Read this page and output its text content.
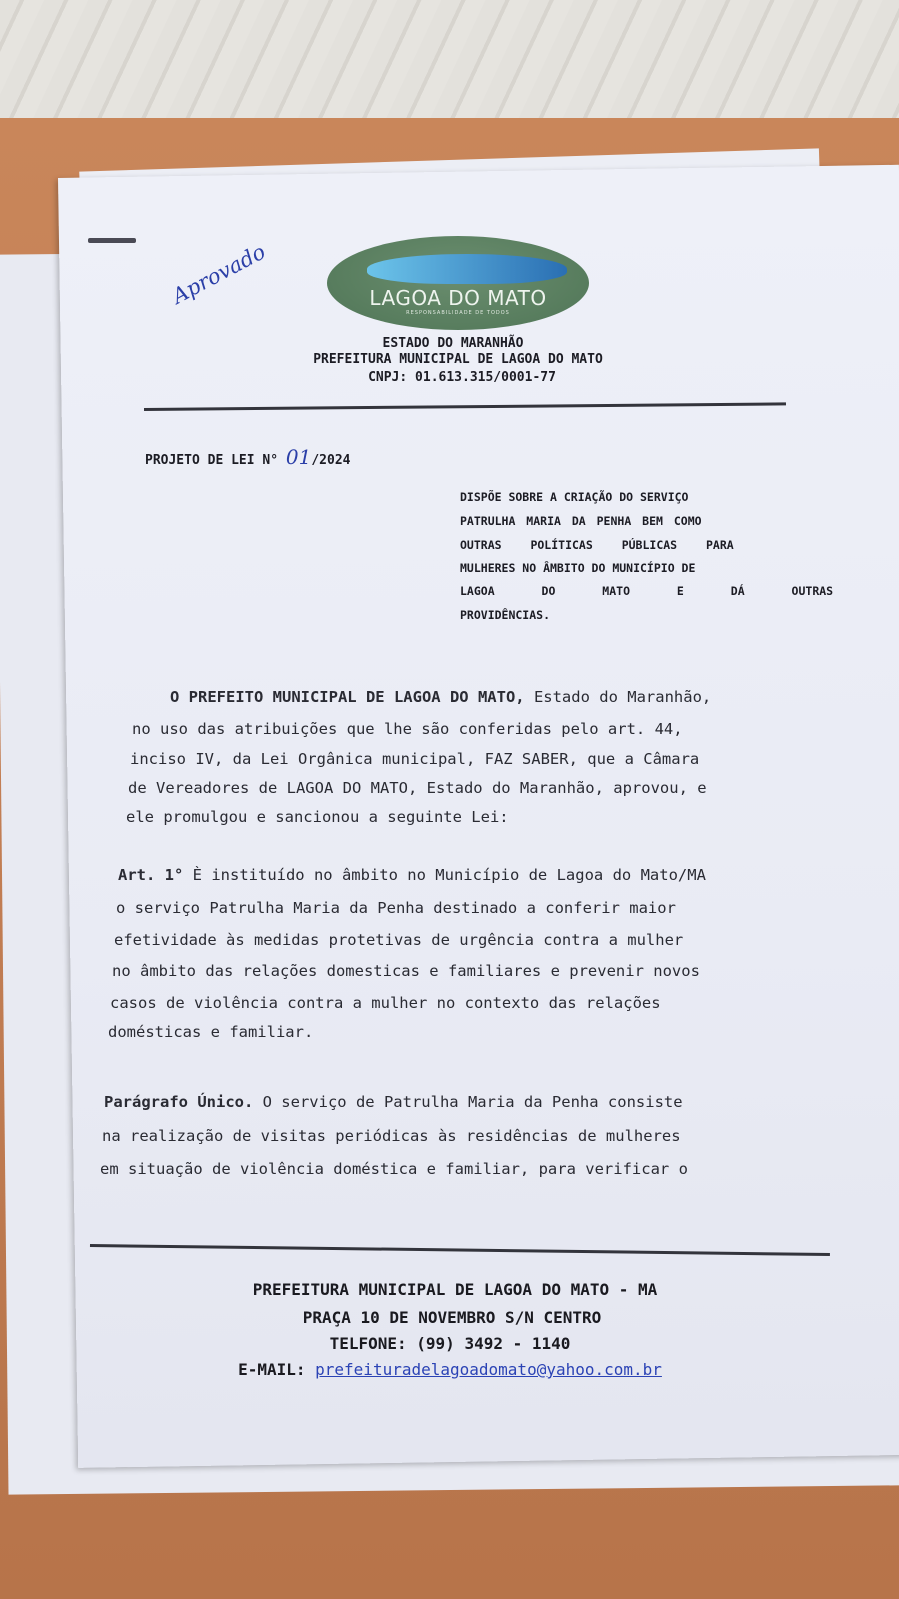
Aprovado	LAGOA DO MATO
RESPONSABILIDADE DE TODOS
ESTADO DO MARANHÃO
PREFEITURA MUNICIPAL DE LAGOA DO MATO
CNPJ: 01.613.315/0001-77
PROJETO DE LEI N° 01/2024
DISPÕE SOBRE A CRIAÇÃO DO SERVIÇO
PATRULHA MARIA DA PENHA BEM COMO
OUTRAS POLÍTICAS PÚBLICAS PARA
MULHERES NO ÂMBITO DO MUNICÍPIO DE
LAGOA DO MATO E DÁ OUTRAS
PROVIDÊNCIAS.
O PREFEITO MUNICIPAL DE LAGOA DO MATO, Estado do Maranhão,
no uso das atribuições que lhe são conferidas pelo art. 44,
inciso IV, da Lei Orgânica municipal, FAZ SABER, que a Câmara
de Vereadores de LAGOA DO MATO, Estado do Maranhão, aprovou, e
ele promulgou e sancionou a seguinte Lei:
Art. 1° È instituído no âmbito no Município de Lagoa do Mato/MA
o serviço Patrulha Maria da Penha destinado a conferir maior
efetividade às medidas protetivas de urgência contra a mulher
no âmbito das relações domesticas e familiares e prevenir novos
casos de violência contra a mulher no contexto das relações
domésticas e familiar.
Parágrafo Único. O serviço de Patrulha Maria da Penha consiste
na realização de visitas periódicas às residências de mulheres
em situação de violência doméstica e familiar, para verificar o
PREFEITURA MUNICIPAL DE LAGOA DO MATO - MA
PRAÇA 10 DE NOVEMBRO S/N CENTRO
TELFONE: (99) 3492 - 1140
E-MAIL: prefeituradelagoadomato@yahoo.com.br
